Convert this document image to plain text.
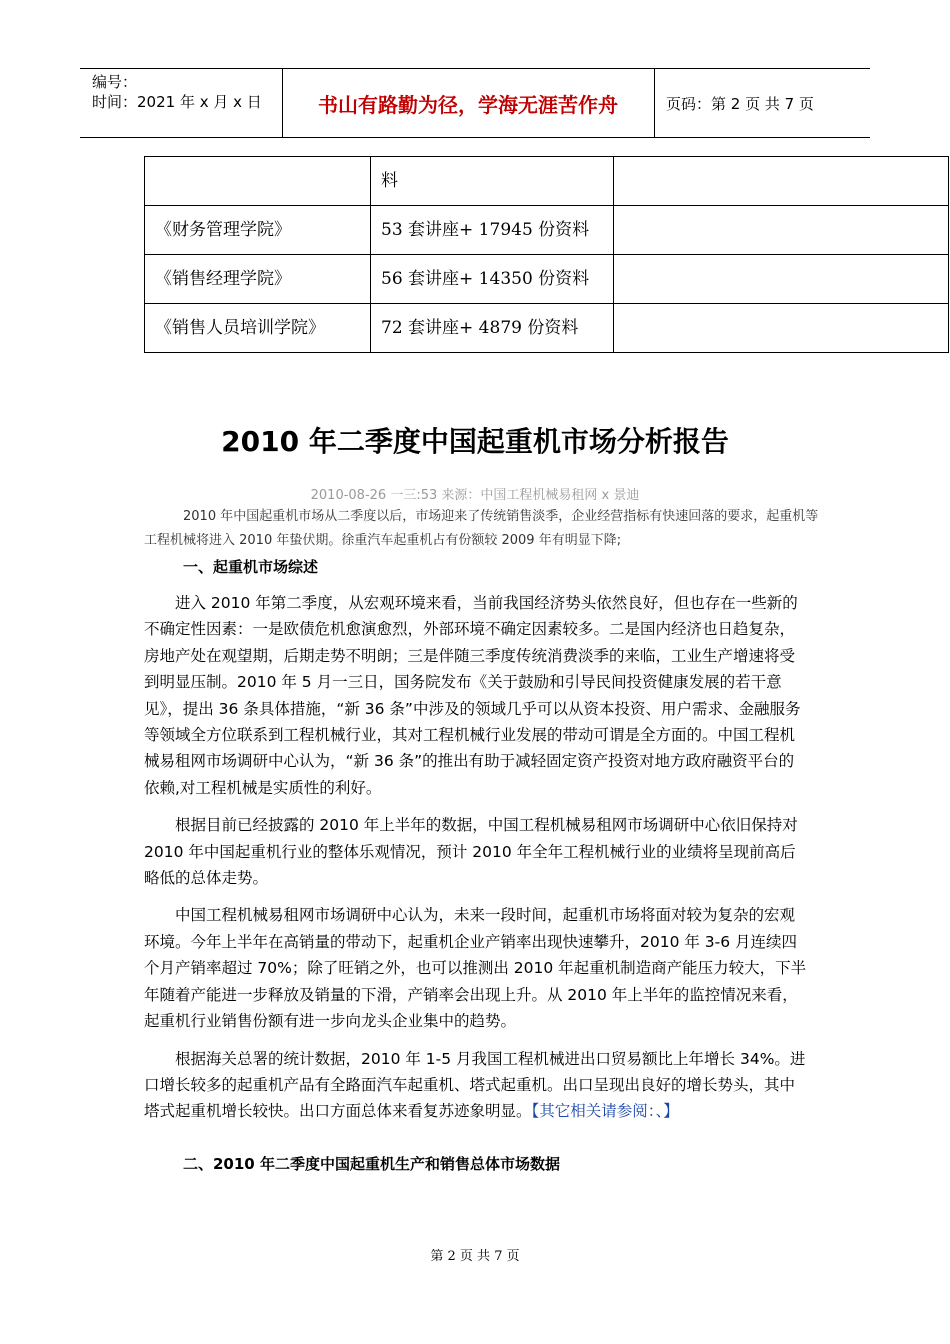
编号：
时间：2021 年 x 月 x 日	书山有路勤为径，学海无涯苦作舟	页码：第 2 页 共 7 页
	料	
《财务管理学院》	53 套讲座+ 17945 份资料	
《销售经理学院》	56 套讲座+ 14350 份资料	
《销售人员培训学院》	72 套讲座+ 4879 份资料	
2010 年二季度中国起重机市场分析报告
2010-08-26 一三:53 来源：中国工程机械易租网 x 景迪

2010 年中国起重机市场从二季度以后，市场迎来了传统销售淡季，企业经营指标有快速回落的要求，起重机等工程机械将进入 2010 年蛰伏期。徐重汽车起重机占有份额较 2009 年有明显下降;

一、起重机市场综述

进入 2010 年第二季度，从宏观环境来看，当前我国经济势头依然良好，但也存在一些新的不确定性因素：一是欧债危机愈演愈烈，外部环境不确定因素较多。二是国内经济也日趋复杂，房地产处在观望期，后期走势不明朗；三是伴随三季度传统消费淡季的来临，工业生产增速将受到明显压制。2010 年 5 月一三日，国务院发布《关于鼓励和引导民间投资健康发展的若干意见》，提出 36 条具体措施，“新 36 条”中涉及的领域几乎可以从资本投资、用户需求、金融服务等领域全方位联系到工程机械行业，其对工程机械行业发展的带动可谓是全方面的。中国工程机械易租网市场调研中心认为，“新 36 条”的推出有助于减轻固定资产投资对地方政府融资平台的依赖,对工程机械是实质性的利好。

根据目前已经披露的 2010 年上半年的数据，中国工程机械易租网市场调研中心依旧保持对 2010 年中国起重机行业的整体乐观情况，预计 2010 年全年工程机械行业的业绩将呈现前高后略低的总体走势。

中国工程机械易租网市场调研中心认为，未来一段时间，起重机市场将面对较为复杂的宏观环境。今年上半年在高销量的带动下，起重机企业产销率出现快速攀升，2010 年 3-6 月连续四个月产销率超过 70%；除了旺销之外，也可以推测出 2010 年起重机制造商产能压力较大，下半年随着产能进一步释放及销量的下滑，产销率会出现上升。从 2010 年上半年的监控情况来看，起重机行业销售份额有进一步向龙头企业集中的趋势。

根据海关总署的统计数据，2010 年 1-5 月我国工程机械进出口贸易额比上年增长 34%。进口增长较多的起重机产品有全路面汽车起重机、塔式起重机。出口呈现出良好的增长势头，其中塔式起重机增长较快。出口方面总体来看复苏迹象明显。【其它相关请参阅：、】

二、2010 年二季度中国起重机生产和销售总体市场数据
第 2 页 共 7 页
